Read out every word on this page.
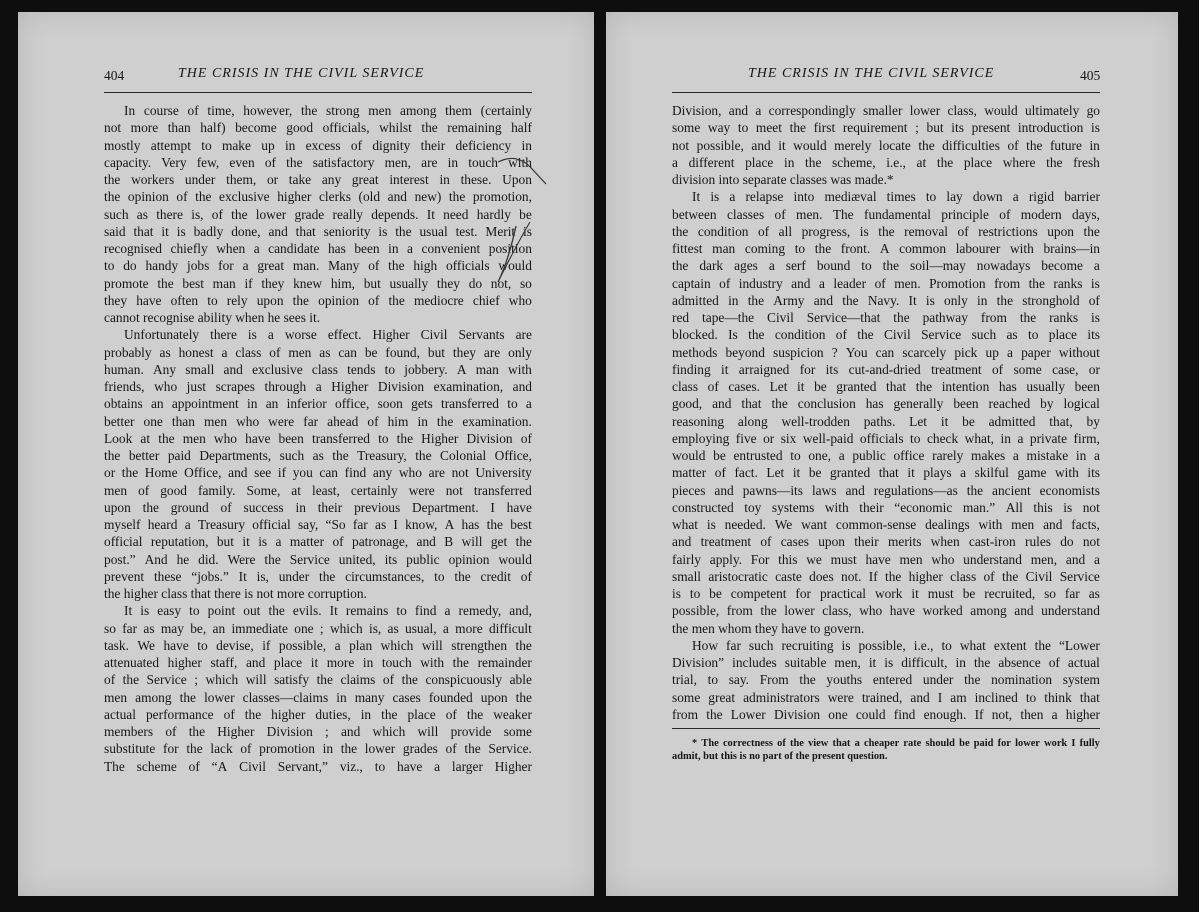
404	THE CRISIS IN THE CIVIL SERVICE
In course of time, however, the strong men among them (certainly
not more than half) become good officials, whilst the remaining half
mostly attempt to make up in excess of dignity their deficiency in
capacity. Very few, even of the satisfactory men, are in touch with
the workers under them, or take any great interest in these. Upon
the opinion of the exclusive higher clerks (old and new) the promotion,
such as there is, of the lower grade really depends. It need hardly be
said that it is badly done, and that seniority is the usual test. Merit is
recognised chiefly when a candidate has been in a convenient position
to do handy jobs for a great man. Many of the high officials would
promote the best man if they knew him, but usually they do not, so
they have often to rely upon the opinion of the mediocre chief who
cannot recognise ability when he sees it.
Unfortunately there is a worse effect. Higher Civil Servants are
probably as honest a class of men as can be found, but they are only
human. Any small and exclusive class tends to jobbery. A man with
friends, who just scrapes through a Higher Division examination, and
obtains an appointment in an inferior office, soon gets transferred to a
better one than men who were far ahead of him in the examination.
Look at the men who have been transferred to the Higher Division of
the better paid Departments, such as the Treasury, the Colonial Office,
or the Home Office, and see if you can find any who are not University
men of good family. Some, at least, certainly were not transferred
upon the ground of success in their previous Department. I have
myself heard a Treasury official say, “So far as I know, A has the best
official reputation, but it is a matter of patronage, and B will get the
post.” And he did. Were the Service united, its public opinion would
prevent these “jobs.” It is, under the circumstances, to the credit of
the higher class that there is not more corruption.
It is easy to point out the evils. It remains to find a remedy, and,
so far as may be, an immediate one ; which is, as usual, a more difficult
task. We have to devise, if possible, a plan which will strengthen the
attenuated higher staff, and place it more in touch with the remainder
of the Service ; which will satisfy the claims of the conspicuously able
men among the lower classes—claims in many cases founded upon the
actual performance of the higher duties, in the place of the weaker
members of the Higher Division ; and which will provide some
substitute for the lack of promotion in the lower grades of the Service.
The scheme of “A Civil Servant,” viz., to have a larger Higher
THE CRISIS IN THE CIVIL SERVICE	405
Division, and a correspondingly smaller lower class, would ultimately go
some way to meet the first requirement ; but its present introduction is
not possible, and it would merely locate the difficulties of the future in
a different place in the scheme, i.e., at the place where the fresh
division into separate classes was made.*
It is a relapse into mediæval times to lay down a rigid barrier
between classes of men. The fundamental principle of modern days,
the condition of all progress, is the removal of restrictions upon the
fittest man coming to the front. A common labourer with brains—in
the dark ages a serf bound to the soil—may nowadays become a
captain of industry and a leader of men. Promotion from the ranks is
admitted in the Army and the Navy. It is only in the stronghold of
red tape—the Civil Service—that the pathway from the ranks is
blocked. Is the condition of the Civil Service such as to place its
methods beyond suspicion ? You can scarcely pick up a paper without
finding it arraigned for its cut-and-dried treatment of some case, or
class of cases. Let it be granted that the intention has usually been
good, and that the conclusion has generally been reached by logical
reasoning along well-trodden paths. Let it be admitted that, by
employing five or six well-paid officials to check what, in a private firm,
would be entrusted to one, a public office rarely makes a mistake in a
matter of fact. Let it be granted that it plays a skilful game with its
pieces and pawns—its laws and regulations—as the ancient economists
constructed toy systems with their “economic man.” All this is not
what is needed. We want common-sense dealings with men and facts,
and treatment of cases upon their merits when cast-iron rules do not
fairly apply. For this we must have men who understand men, and a
small aristocratic caste does not. If the higher class of the Civil Service
is to be competent for practical work it must be recruited, so far as
possible, from the lower class, who have worked among and understand
the men whom they have to govern.
How far such recruiting is possible, i.e., to what extent the “Lower
Division” includes suitable men, it is difficult, in the absence of actual
trial, to say. From the youths entered under the nomination system
some great administrators were trained, and I am inclined to think that
from the Lower Division one could find enough. If not, then a higher
* The correctness of the view that a cheaper rate should be paid for lower work I fully
admit, but this is no part of the present question.
